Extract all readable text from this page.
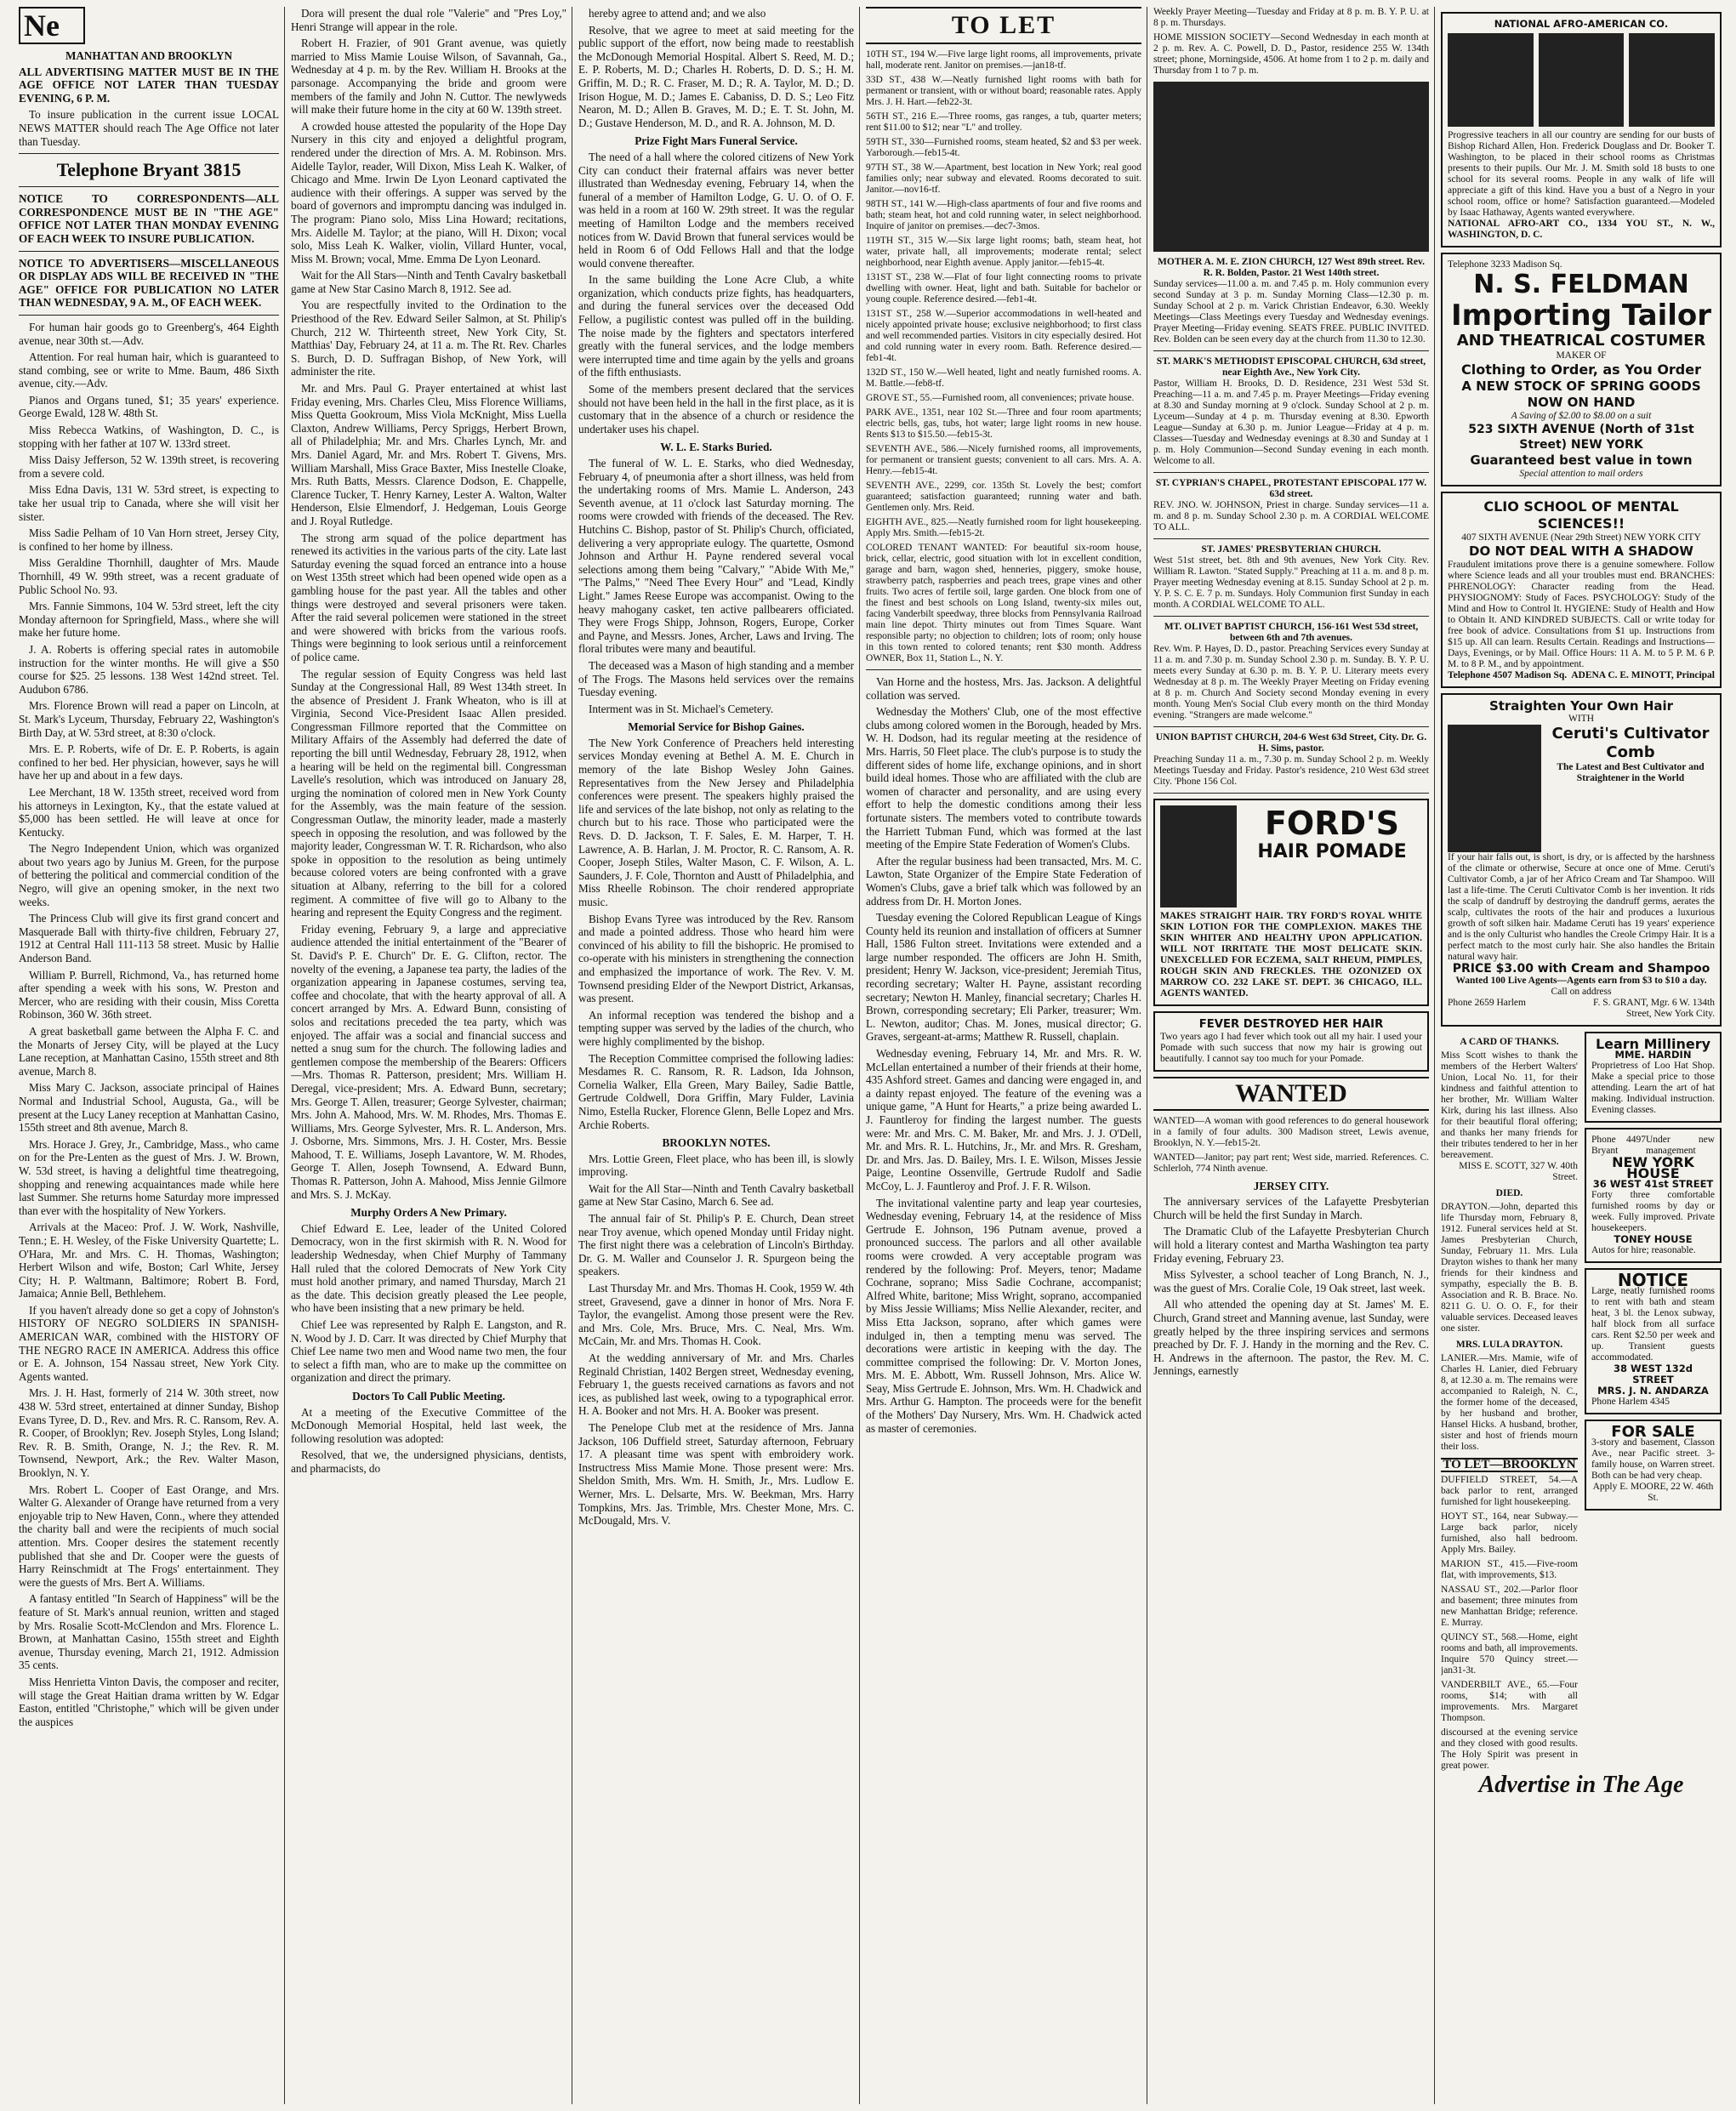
Ne
MANHATTAN AND BROOKLYN

ALL ADVERTISING MATTER MUST BE IN THE AGE OFFICE NOT LATER THAN TUESDAY EVENING, 6 P. M.

To insure publication in the current issue LOCAL NEWS MATTER should reach The Age Office not later than Tuesday.

Telephone Bryant 3815

NOTICE TO CORRESPONDENTS—ALL CORRESPONDENCE MUST BE IN "THE AGE" OFFICE NOT LATER THAN MONDAY EVENING OF EACH WEEK TO INSURE PUBLICATION.

NOTICE TO ADVERTISERS—MISCELLANEOUS OR DISPLAY ADS WILL BE RECEIVED IN "THE AGE" OFFICE FOR PUBLICATION NO LATER THAN WEDNESDAY, 9 A. M., OF EACH WEEK.

For human hair goods go to Greenberg's, 464 Eighth avenue, near 30th st.—Adv.

Attention. For real human hair, which is guaranteed to stand combing, see or write to Mme. Baum, 486 Sixth avenue, city.—Adv.

Pianos and Organs tuned, $1; 35 years' experience. George Ewald, 128 W. 48th St.

Miss Rebecca Watkins, of Washington, D. C., is stopping with her father at 107 W. 133rd street.

Miss Daisy Jefferson, 52 W. 139th street, is recovering from a severe cold.

Miss Edna Davis, 131 W. 53rd street, is expecting to take her usual trip to Canada, where she will visit her sister.

Miss Sadie Pelham of 10 Van Horn street, Jersey City, is confined to her home by illness.

Miss Geraldine Thornhill, daughter of Mrs. Maude Thornhill, 49 W. 99th street, was a recent graduate of Public School No. 93.

Mrs. Fannie Simmons, 104 W. 53rd street, left the city Monday afternoon for Springfield, Mass., where she will make her future home.

J. A. Roberts is offering special rates in automobile instruction for the winter months. He will give a $50 course for $25. 25 lessons. 138 West 142nd street. Tel. Audubon 6786.

Mrs. Florence Brown will read a paper on Lincoln, at St. Mark's Lyceum, Thursday, February 22, Washington's Birth Day, at W. 53rd street, at 8:30 o'clock.

Mrs. E. P. Roberts, wife of Dr. E. P. Roberts, is again confined to her bed. Her physician, however, says he will have her up and about in a few days.

Lee Merchant, 18 W. 135th street, received word from his attorneys in Lexington, Ky., that the estate valued at $5,000 has been settled. He will leave at once for Kentucky.

The Negro Independent Union, which was organized about two years ago by Junius M. Green, for the purpose of bettering the political and commercial condition of the Negro, will give an opening smoker, in the next two weeks.

The Princess Club will give its first grand concert and Masquerade Ball with thirty-five children, February 27, 1912 at Central Hall 111-113 58 street. Music by Hallie Anderson Band.

William P. Burrell, Richmond, Va., has returned home after spending a week with his sons, W. Preston and Mercer, who are residing with their cousin, Miss Coretta Robinson, 360 W. 36th street.

A great basketball game between the Alpha F. C. and the Monarts of Jersey City, will be played at the Lucy Lane reception, at Manhattan Casino, 155th street and 8th avenue, March 8.

Miss Mary C. Jackson, associate principal of Haines Normal and Industrial School, Augusta, Ga., will be present at the Lucy Laney reception at Manhattan Casino, 155th street and 8th avenue, March 8.

Mrs. Horace J. Grey, Jr., Cambridge, Mass., who came on for the Pre-Lenten as the guest of Mrs. J. W. Brown, W. 53d street, is having a delightful time theatregoing, shopping and renewing acquaintances made while here last Summer. She returns home Saturday more impressed than ever with the hospitality of New Yorkers.

Arrivals at the Maceo: Prof. J. W. Work, Nashville, Tenn.; E. H. Wesley, of the Fiske University Quartette; L. O'Hara, Mr. and Mrs. C. H. Thomas, Washington; Herbert Wilson and wife, Boston; Carl White, Jersey City; H. P. Waltmann, Baltimore; Robert B. Ford, Jamaica; Annie Bell, Bethlehem.

If you haven't already done so get a copy of Johnston's HISTORY OF NEGRO SOLDIERS IN SPANISH-AMERICAN WAR, combined with the HISTORY OF THE NEGRO RACE IN AMERICA. Address this office or E. A. Johnson, 154 Nassau street, New York City. Agents wanted.

Mrs. J. H. Hast, formerly of 214 W. 30th street, now 438 W. 53rd street, entertained at dinner Sunday, Bishop Evans Tyree, D. D., Rev. and Mrs. R. C. Ransom, Rev. A. R. Cooper, of Brooklyn; Rev. Joseph Styles, Long Island; Rev. R. B. Smith, Orange, N. J.; the Rev. R. M. Townsend, Newport, Ark.; the Rev. Walter Mason, Brooklyn, N. Y.

Mrs. Robert L. Cooper of East Orange, and Mrs. Walter G. Alexander of Orange have returned from a very enjoyable trip to New Haven, Conn., where they attended the charity ball and were the recipients of much social attention. Mrs. Cooper desires the statement recently published that she and Dr. Cooper were the guests of Harry Reinschmidt at The Frogs' entertainment. They were the guests of Mrs. Bert A. Williams.

A fantasy entitled "In Search of Happiness" will be the feature of St. Mark's annual reunion, written and staged by Mrs. Rosalie Scott-McClendon and Mrs. Florence L. Brown, at Manhattan Casino, 155th street and Eighth avenue, Thursday evening, March 21, 1912. Admission 35 cents.

Miss Henrietta Vinton Davis, the composer and reciter, will stage the Great Haitian drama written by W. Edgar Easton, entitled "Christophe," which will be given under the auspices

Dora will present the dual role "Valerie" and "Pres Loy," Henri Strange will appear in the role.

Robert H. Frazier, of 901 Grant avenue, was quietly married to Miss Mamie Louise Wilson, of Savannah, Ga., Wednesday at 4 p. m. by the Rev. William H. Brooks at the parsonage. Accompanying the bride and groom were members of the family and John N. Cuttor. The newlyweds will make their future home in the city at 60 W. 139th street.

A crowded house attested the popularity of the Hope Day Nursery in this city and enjoyed a delightful program, rendered under the direction of Mrs. A. M. Robinson. Mrs. Aidelle Taylor, reader, Will Dixon, Miss Leah K. Walker, of Chicago and Mme. Irwin De Lyon Leonard captivated the audience with their offerings. A supper was served by the board of governors and impromptu dancing was indulged in. The program: Piano solo, Miss Lina Howard; recitations, Mrs. Aidelle M. Taylor; at the piano, Will H. Dixon; vocal solo, Miss Leah K. Walker, violin, Villard Hunter, vocal, Miss M. Brown; vocal, Mme. Emma De Lyon Leonard.

Wait for the All Stars—Ninth and Tenth Cavalry basketball game at New Star Casino March 8, 1912. See ad.

You are respectfully invited to the Ordination to the Priesthood of the Rev. Edward Seiler Salmon, at St. Philip's Church, 212 W. Thirteenth street, New York City, St. Matthias' Day, February 24, at 11 a. m. The Rt. Rev. Charles S. Burch, D. D. Suffragan Bishop, of New York, will administer the rite.

Mr. and Mrs. Paul G. Prayer entertained at whist last Friday evening, Mrs. Charles Cleu, Miss Florence Williams, Miss Quetta Gookroum, Miss Viola McKnight, Miss Luella Claxton, Andrew Williams, Percy Spriggs, Herbert Brown, all of Philadelphia; Mr. and Mrs. Charles Lynch, Mr. and Mrs. Daniel Agard, Mr. and Mrs. Robert T. Givens, Mrs. William Marshall, Miss Grace Baxter, Miss Inestelle Cloake, Mrs. Ruth Batts, Messrs. Clarence Dodson, E. Chappelle, Clarence Tucker, T. Henry Karney, Lester A. Walton, Walter Henderson, Elsie Elmendorf, J. Hedgeman, Louis George and J. Royal Rutledge.

The strong arm squad of the police department has renewed its activities in the various parts of the city. Late last Saturday evening the squad forced an entrance into a house on West 135th street which had been opened wide open as a gambling house for the past year. All the tables and other things were destroyed and several prisoners were taken. After the raid several policemen were stationed in the street and were showered with bricks from the various roofs. Things were beginning to look serious until a reinforcement of police came.

The regular session of Equity Congress was held last Sunday at the Congressional Hall, 89 West 134th street. In the absence of President J. Frank Wheaton, who is ill at Virginia, Second Vice-President Isaac Allen presided. Congressman Fillmore reported that the Committee on Military Affairs of the Assembly had deferred the date of reporting the bill until Wednesday, February 28, 1912, when a hearing will be held on the regimental bill. Congressman Lavelle's resolution, which was introduced on January 28, urging the nomination of colored men in New York County for the Assembly, was the main feature of the session. Congressman Outlaw, the minority leader, made a masterly speech in opposing the resolution, and was followed by the majority leader, Congressman W. T. R. Richardson, who also spoke in opposition to the resolution as being untimely because colored voters are being confronted with a grave situation at Albany, referring to the bill for a colored regiment. A committee of five will go to Albany to the hearing and represent the Equity Congress and the regiment.

Friday evening, February 9, a large and appreciative audience attended the initial entertainment of the "Bearer of St. David's P. E. Church" Dr. E. G. Clifton, rector. The novelty of the evening, a Japanese tea party, the ladies of the organization appearing in Japanese costumes, serving tea, coffee and chocolate, that with the hearty approval of all. A concert arranged by Mrs. A. Edward Bunn, consisting of solos and recitations preceded the tea party, which was enjoyed. The affair was a social and financial success and netted a snug sum for the church. The following ladies and gentlemen compose the membership of the Bearers: Officers—Mrs. Thomas R. Patterson, president; Mrs. William H. Deregal, vice-president; Mrs. A. Edward Bunn, secretary; Mrs. George T. Allen, treasurer; George Sylvester, chairman; Mrs. John A. Mahood, Mrs. W. M. Rhodes, Mrs. Thomas E. Williams, Mrs. George Sylvester, Mrs. R. L. Anderson, Mrs. J. Osborne, Mrs. Simmons, Mrs. J. H. Coster, Mrs. Bessie Mahood, T. E. Williams, Joseph Lavantore, W. M. Rhodes, George T. Allen, Joseph Townsend, A. Edward Bunn, Thomas R. Patterson, John A. Mahood, Miss Jennie Gilmore and Mrs. S. J. McKay.

Murphy Orders A New Primary.

Chief Edward E. Lee, leader of the United Colored Democracy, won in the first skirmish with R. N. Wood for leadership Wednesday, when Chief Murphy of Tammany Hall ruled that the colored Democrats of New York City must hold another primary, and named Thursday, March 21 as the date. This decision greatly pleased the Lee people, who have been insisting that a new primary be held.

Chief Lee was represented by Ralph E. Langston, and R. N. Wood by J. D. Carr. It was directed by Chief Murphy that Chief Lee name two men and Wood name two men, the four to select a fifth man, who are to make up the committee on organization and direct the primary.

Doctors To Call Public Meeting.

At a meeting of the Executive Committee of the McDonough Memorial Hospital, held last week, the following resolution was adopted:

Resolved, that we, the undersigned physicians, dentists, and pharmacists, do

hereby agree to attend and; and we also

Resolve, that we agree to meet at said meeting for the public support of the effort, now being made to reestablish the McDonough Memorial Hospital. Albert S. Reed, M. D.; E. P. Roberts, M. D.; Charles H. Roberts, D. D. S.; H. M. Griffin, M. D.; R. C. Fraser, M. D.; R. A. Taylor, M. D.; D. Irison Hogue, M. D.; James E. Cabaniss, D. D. S.; Leo Fitz Nearon, M. D.; Allen B. Graves, M. D.; E. T. St. John, M. D.; Gustave Henderson, M. D., and R. A. Johnson, M. D.

Prize Fight Mars Funeral Service.

The need of a hall where the colored citizens of New York City can conduct their fraternal affairs was never better illustrated than Wednesday evening, February 14, when the funeral of a member of Hamilton Lodge, G. U. O. of O. F. was held in a room at 160 W. 29th street. It was the regular meeting of Hamilton Lodge and the members received notices from W. David Brown that funeral services would be held in Room 6 of Odd Fellows Hall and that the lodge would convene thereafter.

In the same building the Lone Acre Club, a white organization, which conducts prize fights, has headquarters, and during the funeral services over the deceased Odd Fellow, a pugilistic contest was pulled off in the building. The noise made by the fighters and spectators interfered greatly with the funeral services, and the lodge members were interrupted time and time again by the yells and groans of the fifth enthusiasts.

Some of the members present declared that the services should not have been held in the hall in the first place, as it is customary that in the absence of a church or residence the undertaker uses his chapel.

W. L. E. Starks Buried.

The funeral of W. L. E. Starks, who died Wednesday, February 4, of pneumonia after a short illness, was held from the undertaking rooms of Mrs. Mamie L. Anderson, 243 Seventh avenue, at 11 o'clock last Saturday morning. The rooms were crowded with friends of the deceased. The Rev. Hutchins C. Bishop, pastor of St. Philip's Church, officiated, delivering a very appropriate eulogy. The quartette, Osmond Johnson and Arthur H. Payne rendered several vocal selections among them being "Calvary," "Abide With Me," "The Palms," "Need Thee Every Hour" and "Lead, Kindly Light." James Reese Europe was accompanist. Owing to the heavy mahogany casket, ten active pallbearers officiated. They were Frogs Shipp, Johnson, Rogers, Europe, Corker and Payne, and Messrs. Jones, Archer, Laws and Irving. The floral tributes were many and beautiful.

The deceased was a Mason of high standing and a member of The Frogs. The Masons held services over the remains Tuesday evening.

Interment was in St. Michael's Cemetery.

Memorial Service for Bishop Gaines.

The New York Conference of Preachers held interesting services Monday evening at Bethel A. M. E. Church in memory of the late Bishop Wesley John Gaines. Representatives from the New Jersey and Philadelphia conferences were present. The speakers highly praised the life and services of the late bishop, not only as relating to the church but to his race. Those who participated were the Revs. D. D. Jackson, T. F. Sales, E. M. Harper, T. H. Lawrence, A. B. Harlan, J. M. Proctor, R. C. Ransom, A. R. Cooper, Joseph Stiles, Walter Mason, C. F. Wilson, A. L. Saunders, J. F. Cole, Thornton and Austt of Philadelphia, and Miss Rheelle Robinson. The choir rendered appropriate music.

Bishop Evans Tyree was introduced by the Rev. Ransom and made a pointed address. Those who heard him were convinced of his ability to fill the bishopric. He promised to co-operate with his ministers in strengthening the connection and emphasized the importance of work. The Rev. V. M. Townsend presiding Elder of the Newport District, Arkansas, was present.

An informal reception was tendered the bishop and a tempting supper was served by the ladies of the church, who were highly complimented by the bishop.

The Reception Committee comprised the following ladies: Mesdames R. C. Ransom, R. R. Ladson, Ida Johnson, Cornelia Walker, Ella Green, Mary Bailey, Sadie Battle, Gertrude Coldwell, Dora Griffin, Mary Fulder, Lavinia Nimo, Estella Rucker, Florence Glenn, Belle Lopez and Mrs. Archie Roberts.

BROOKLYN NOTES.

Mrs. Lottie Green, Fleet place, who has been ill, is slowly improving.

Wait for the All Star—Ninth and Tenth Cavalry basketball game at New Star Casino, March 6. See ad.

The annual fair of St. Philip's P. E. Church, Dean street near Troy avenue, which opened Monday until Friday night. The first night there was a celebration of Lincoln's Birthday. Dr. G. M. Waller and Counselor J. R. Spurgeon being the speakers.

Last Thursday Mr. and Mrs. Thomas H. Cook, 1959 W. 4th street, Gravesend, gave a dinner in honor of Mrs. Nora F. Taylor, the evangelist. Among those present were the Rev. and Mrs. Cole, Mrs. Bruce, Mrs. C. Neal, Mrs. Wm. McCain, Mr. and Mrs. Thomas H. Cook.

At the wedding anniversary of Mr. and Mrs. Charles Reginald Christian, 1402 Bergen street, Wednesday evening, February 1, the guests received carnations as favors and not ices, as published last week, owing to a typographical error. H. A. Booker and not Mrs. H. A. Booker was present.

The Penelope Club met at the residence of Mrs. Janna Jackson, 106 Duffield street, Saturday afternoon, February 17. A pleasant time was spent with embroidery work. Instructress Miss Mamie Mone. Those present were: Mrs. Sheldon Smith, Mrs. Wm. H. Smith, Jr., Mrs. Ludlow E. Werner, Mrs. L. Delsarte, Mrs. W. Beekman, Mrs. Harry Tompkins, Mrs. Jas. Trimble, Mrs. Chester Mone, Mrs. C. McDougald, Mrs. V.

TO LET

10TH ST., 194 W.—Five large light rooms, all improvements, private hall, moderate rent. Janitor on premises.—jan18-tf.

33D ST., 438 W.—Neatly furnished light rooms with bath for permanent or transient, with or without board; reasonable rates. Apply Mrs. J. H. Hart.—feb22-3t.

56TH ST., 216 E.—Three rooms, gas ranges, a tub, quarter meters; rent $11.00 to $12; near "L" and trolley.

59TH ST., 330—Furnished rooms, steam heated, $2 and $3 per week. Yarborough.—feb15-4t.

97TH ST., 38 W.—Apartment, best location in New York; real good families only; near subway and elevated. Rooms decorated to suit. Janitor.—nov16-tf.

98TH ST., 141 W.—High-class apartments of four and five rooms and bath; steam heat, hot and cold running water, in select neighborhood. Inquire of janitor on premises.—dec7-3mos.

119TH ST., 315 W.—Six large light rooms; bath, steam heat, hot water, private hall, all improvements; moderate rental; select neighborhood, near Eighth avenue. Apply janitor.—feb15-4t.

131ST ST., 238 W.—Flat of four light connecting rooms to private dwelling with owner. Heat, light and bath. Suitable for bachelor or young couple. Reference desired.—feb1-4t.

131ST ST., 258 W.—Superior accommodations in well-heated and nicely appointed private house; exclusive neighborhood; to first class and well recommended parties. Visitors in city especially desired. Hot and cold running water in every room. Bath. Reference desired.—feb1-4t.

132D ST., 150 W.—Well heated, light and neatly furnished rooms. A. M. Battle.—feb8-tf.

GROVE ST., 55.—Furnished room, all conveniences; private house.

PARK AVE., 1351, near 102 St.—Three and four room apartments; electric bells, gas, tubs, hot water; large light rooms in new house. Rents $13 to $15.50.—feb15-3t.

SEVENTH AVE., 586.—Nicely furnished rooms, all improvements, for permanent or transient guests; convenient to all cars. Mrs. A. A. Henry.—feb15-4t.

SEVENTH AVE., 2299, cor. 135th St. Lovely the best; comfort guaranteed; satisfaction guaranteed; running water and bath. Gentlemen only. Mrs. Reid.

EIGHTH AVE., 825.—Neatly furnished room for light housekeeping. Apply Mrs. Smith.—feb15-2t.

COLORED TENANT WANTED: For beautiful six-room house, brick, cellar, electric, good situation with lot in excellent condition, garage and barn, wagon shed, henneries, piggery, smoke house, strawberry patch, raspberries and peach trees, grape vines and other fruits. Two acres of fertile soil, large garden. One block from one of the finest and best schools on Long Island, twenty-six miles out, facing Vanderbilt speedway, three blocks from Pennsylvania Railroad main line depot. Thirty minutes out from Times Square. Want responsible party; no objection to children; lots of room; only house in this town rented to colored tenants; rent $30 month. Address OWNER, Box 11, Station L., N. Y.

Van Horne and the hostess, Mrs. Jas. Jackson. A delightful collation was served.

Wednesday the Mothers' Club, one of the most effective clubs among colored women in the Borough, headed by Mrs. W. H. Dodson, had its regular meeting at the residence of Mrs. Harris, 50 Fleet place. The club's purpose is to study the different sides of home life, exchange opinions, and in short build ideal homes. Those who are affiliated with the club are women of character and personality, and are using every effort to help the domestic conditions among their less fortunate sisters. The members voted to contribute towards the Harriett Tubman Fund, which was formed at the last meeting of the Empire State Federation of Women's Clubs.

After the regular business had been transacted, Mrs. M. C. Lawton, State Organizer of the Empire State Federation of Women's Clubs, gave a brief talk which was followed by an address from Dr. H. Morton Jones.

Tuesday evening the Colored Republican League of Kings County held its reunion and installation of officers at Sumner Hall, 1586 Fulton street. Invitations were extended and a large number responded. The officers are John H. Smith, president; Henry W. Jackson, vice-president; Jeremiah Titus, recording secretary; Walter H. Payne, assistant recording secretary; Newton H. Manley, financial secretary; Charles H. Brown, corresponding secretary; Eli Parker, treasurer; Wm. L. Newton, auditor; Chas. M. Jones, musical director; G. Graves, sergeant-at-arms; Matthew R. Russell, chaplain.

Wednesday evening, February 14, Mr. and Mrs. R. W. McLellan entertained a number of their friends at their home, 435 Ashford street. Games and dancing were engaged in, and a dainty repast enjoyed. The feature of the evening was a unique game, "A Hunt for Hearts," a prize being awarded L. J. Fauntleroy for finding the largest number. The guests were: Mr. and Mrs. C. M. Baker, Mr. and Mrs. J. J. O'Dell, Mr. and Mrs. R. L. Hutchins, Jr., Mr. and Mrs. R. Gresham, Dr. and Mrs. Jas. D. Bailey, Mrs. I. E. Wilson, Misses Jessie Paige, Leontine Ossenville, Gertrude Rudolf and Sadie McCoy, L. J. Fauntleroy and Prof. J. F. R. Wilson.

The invitational valentine party and leap year courtesies, Wednesday evening, February 14, at the residence of Miss Gertrude E. Johnson, 196 Putnam avenue, proved a pronounced success. The parlors and all other available rooms were crowded. A very acceptable program was rendered by the following: Prof. Meyers, tenor; Madame Cochrane, soprano; Miss Sadie Cochrane, accompanist; Alfred White, baritone; Miss Wright, soprano, accompanied by Miss Jessie Williams; Miss Nellie Alexander, reciter, and Miss Etta Jackson, soprano, after which games were indulged in, then a tempting menu was served. The decorations were artistic in keeping with the day. The committee comprised the following: Dr. V. Morton Jones, Mrs. M. E. Abbott, Wm. Russell Johnson, Mrs. Alice W. Seay, Miss Gertrude E. Johnson, Mrs. Wm. H. Chadwick and Mrs. Arthur G. Hampton. The proceeds were for the benefit of the Mothers' Day Nursery, Mrs. Wm. H. Chadwick acted as master of ceremonies.

Weekly Prayer Meeting—Tuesday and Friday at 8 p. m. B. Y. P. U. at 8 p. m. Thursdays.

HOME MISSION SOCIETY—Second Wednesday in each month at 2 p. m. Rev. A. C. Powell, D. D., Pastor, residence 255 W. 134th street; phone, Morningside, 4506. At home from 1 to 2 p. m. daily and Thursday from 1 to 7 p. m.

MOTHER A. M. E. ZION CHURCH, 127 West 89th street. Rev. R. R. Bolden, Pastor. 21 West 140th street.
Sunday services—11.00 a. m. and 7.45 p. m. Holy communion every second Sunday at 3 p. m. Sunday Morning Class—12.30 p. m. Sunday School at 2 p. m. Varick Christian Endeavor, 6.30. Weekly Meetings—Class Meetings every Tuesday and Wednesday evenings. Prayer Meeting—Friday evening. SEATS FREE. PUBLIC INVITED. Rev. Bolden can be seen every day at the church from 11.30 to 12.30.
ST. MARK'S METHODIST EPISCOPAL CHURCH, 63d street, near Eighth Ave., New York City.
Pastor, William H. Brooks, D. D. Residence, 231 West 53d St. Preaching—11 a. m. and 7.45 p. m. Prayer Meetings—Friday evening at 8.30 and Sunday morning at 9 o'clock. Sunday School at 2 p. m. Lyceum—Sunday at 4 p. m. Thursday evening at 8.30. Epworth League—Sunday at 6.30 p. m. Junior League—Friday at 4 p. m. Classes—Tuesday and Wednesday evenings at 8.30 and Sunday at 1 p. m. Holy Communion—Second Sunday evening in each month. Welcome to all.
ST. CYPRIAN'S CHAPEL, PROTESTANT EPISCOPAL 177 W. 63d street.
REV. JNO. W. JOHNSON, Priest in charge. Sunday services—11 a. m. and 8 p. m. Sunday School 2.30 p. m. A CORDIAL WELCOME TO ALL.
ST. JAMES' PRESBYTERIAN CHURCH.
West 51st street, bet. 8th and 9th avenues, New York City. Rev. William R. Lawton. "Stated Supply." Preaching at 11 a. m. and 8 p. m. Prayer meeting Wednesday evening at 8.15. Sunday School at 2 p. m. Y. P. S. C. E. 7 p. m. Sundays. Holy Communion first Sunday in each month. A CORDIAL WELCOME TO ALL.
MT. OLIVET BAPTIST CHURCH, 156-161 West 53d street, between 6th and 7th avenues.
Rev. Wm. P. Hayes, D. D., pastor. Preaching Services every Sunday at 11 a. m. and 7.30 p. m. Sunday School 2.30 p. m. Sunday. B. Y. P. U. meets every Sunday at 6.30 p. m. B. Y. P. U. Literary meets every Wednesday at 8 p. m. The Weekly Prayer Meeting on Friday evening at 8 p. m. Church And Society second Monday evening in every month. Young Men's Social Club every month on the third Monday evening. "Strangers are made welcome."
UNION BAPTIST CHURCH, 204-6 West 63d Street, City. Dr. G. H. Sims, pastor.
Preaching Sunday 11 a. m., 7.30 p. m. Sunday School 2 p. m. Weekly Meetings Tuesday and Friday. Pastor's residence, 210 West 63d street City. 'Phone 156 Col.
FORD'S
HAIR POMADE
MAKES STRAIGHT HAIR. TRY FORD'S ROYAL WHITE SKIN LOTION FOR THE COMPLEXION. MAKES THE SKIN WHITER AND HEALTHY UPON APPLICATION. WILL NOT IRRITATE THE MOST DELICATE SKIN. UNEXCELLED FOR ECZEMA, SALT RHEUM, PIMPLES, ROUGH SKIN AND FRECKLES. THE OZONIZED OX MARROW CO. 232 LAKE ST. DEPT. 36 CHICAGO, ILL. AGENTS WANTED.
FEVER DESTROYED HER HAIR
Two years ago I had fever which took out all my hair. I used your Pomade with such success that now my hair is growing out beautifully. I cannot say too much for your Pomade.
WANTED

WANTED—A woman with good references to do general housework in a family of four adults. 300 Madison street, Lewis avenue, Brooklyn, N. Y.—feb15-2t.

WANTED—Janitor; pay part rent; West side, married. References. C. Schlerloh, 774 Ninth avenue.

JERSEY CITY.

The anniversary services of the Lafayette Presbyterian Church will be held the first Sunday in March.

The Dramatic Club of the Lafayette Presbyterian Church will hold a literary contest and Martha Washington tea party Friday evening, February 23.

Miss Sylvester, a school teacher of Long Branch, N. J., was the guest of Mrs. Coralie Cole, 19 Oak street, last week.

All who attended the opening day at St. James' M. E. Church, Grand street and Manning avenue, last Sunday, were greatly helped by the three inspiring services and sermons preached by Dr. F. J. Handy in the morning and the Rev. C. H. Andrews in the afternoon. The pastor, the Rev. M. C. Jennings, earnestly

NATIONAL AFRO-AMERICAN CO.
Progressive teachers in all our country are sending for our busts of Bishop Richard Allen, Hon. Frederick Douglass and Dr. Booker T. Washington, to be placed in their school rooms as Christmas presents to their pupils. Our Mr. J. M. Smith sold 18 busts to one school for its several rooms. People in any walk of life will appreciate a gift of this kind. Have you a bust of a Negro in your school room, office or home? Satisfaction guaranteed.—Modeled by Isaac Hathaway, Agents wanted everywhere.
NATIONAL AFRO-ART CO., 1334 YOU ST., N. W., WASHINGTON, D. C.
Telephone 3233 Madison Sq.
N. S. FELDMAN
Importing Tailor
AND THEATRICAL COSTUMER
MAKER OF
Clothing to Order, as You Order
A NEW STOCK OF SPRING GOODS NOW ON HAND
A Saving of $2.00 to $8.00 on a suit
523 SIXTH AVENUE (North of 31st Street) NEW YORK
Guaranteed best value in town
Special attention to mail orders
CLIO SCHOOL OF MENTAL SCIENCES!!
407 SIXTH AVENUE (Near 29th Street) NEW YORK CITY
DO NOT DEAL WITH A SHADOW
Fraudulent imitations prove there is a genuine somewhere. Follow where Science leads and all your troubles must end. BRANCHES: PHRENOLOGY: Character reading from the Head. PHYSIOGNOMY: Study of Faces. PSYCHOLOGY: Study of the Mind and How to Control It. HYGIENE: Study of Health and How to Obtain It. AND KINDRED SUBJECTS. Call or write today for free book of advice. Consultations from $1 up. Instructions from $15 up. All can learn. Results Certain. Readings and Instructions—Days, Evenings, or by Mail. Office Hours: 11 A. M. to 5 P. M. 6 P. M. to 8 P. M., and by appointment.
Telephone 4507 Madison Sq. ADENA C. E. MINOTT, Principal
Straighten Your Own Hair
WITH
Ceruti's Cultivator Comb
The Latest and Best Cultivator and Straightener in the World
If your hair falls out, is short, is dry, or is affected by the harshness of the climate or otherwise, Secure at once one of Mme. Ceruti's Cultivator Comb, a jar of her Africo Cream and Tar Shampoo. Will last a life-time. The Ceruti Cultivator Comb is her invention. It rids the scalp of dandruff by destroying the dandruff germs, aerates the scalp, cultivates the roots of the hair and produces a luxurious growth of soft silken hair. Madame Ceruti has 19 years' experience and is the only Culturist who handles the Creole Crimpy Hair. It is a perfect match to the most curly hair. She also handles the Britain natural wavy hair.
PRICE $3.00 with Cream and Shampoo
Wanted 100 Live Agents—Agents earn from $3 to $10 a day.
Call on address
Phone 2659 Harlem	F. S. GRANT, Mgr. 6 W. 134th Street, New York City.
A CARD OF THANKS.
Miss Scott wishes to thank the members of the Herbert Walters' Union, Local No. 11, for their kindness and faithful attention to her brother, Mr. William Walter Kirk, during his last illness. Also for their beautiful floral offering; and thanks her many friends for their tributes tendered to her in her bereavement.
MISS E. SCOTT, 327 W. 40th Street.
DIED.
DRAYTON.—John, departed this life Thursday morn, February 8, 1912. Funeral services held at St. James Presbyterian Church, Sunday, February 11. Mrs. Lula Drayton wishes to thank her many friends for their kindness and sympathy, especially the B. B. Association and R. B. Brace. No. 8211 G. U. O. O. F., for their valuable services. Deceased leaves one sister.
MRS. LULA DRAYTON.
LANIER.—Mrs. Mamie, wife of Charles H. Lanier, died February 8, at 12.30 a. m. The remains were accompanied to Raleigh, N. C., the former home of the deceased, by her husband and brother, Hansel Hicks. A husband, brother, sister and host of friends mourn their loss.
TO LET—BROOKLYN

DUFFIELD STREET, 54.—A back parlor to rent, arranged furnished for light housekeeping.

HOYT ST., 164, near Subway.—Large back parlor, nicely furnished, also hall bedroom. Apply Mrs. Bailey.

MARION ST., 415.—Five-room flat, with improvements, $13.

NASSAU ST., 202.—Parlor floor and basement; three minutes from new Manhattan Bridge; reference. E. Murray.

QUINCY ST., 568.—Home, eight rooms and bath, all improvements. Inquire 570 Quincy street.—jan31-3t.

VANDERBILT AVE., 65.—Four rooms, $14; with all improvements. Mrs. Margaret Thompson.

discoursed at the evening service and they closed with good results. The Holy Spirit was present in great power.
Learn Millinery
MME. HARDIN
Proprietress of Loo Hat Shop. Make a special price to those attending. Learn the art of hat making. Individual instruction. Evening classes.
Phone 4497 Bryant
Under new management
NEW YORK HOUSE
36 WEST 41st STREET
Forty three comfortable furnished rooms by day or week. Fully improved. Private housekeepers.
TONEY HOUSE
Autos for hire; reasonable.
NOTICE
Large, neatly furnished rooms to rent with bath and steam heat, 3 bl. the Lenox subway, half block from all surface cars. Rent $2.50 per week and up. Transient guests accommodated.
38 WEST 132d STREET
MRS. J. N. ANDARZA
Phone Harlem 4345
FOR SALE
3-story and basement, Classon Ave., near Pacific street. 3-family house, on Warren street. Both can be had very cheap.
Apply E. MOORE, 22 W. 46th St.
Advertise in The Age
